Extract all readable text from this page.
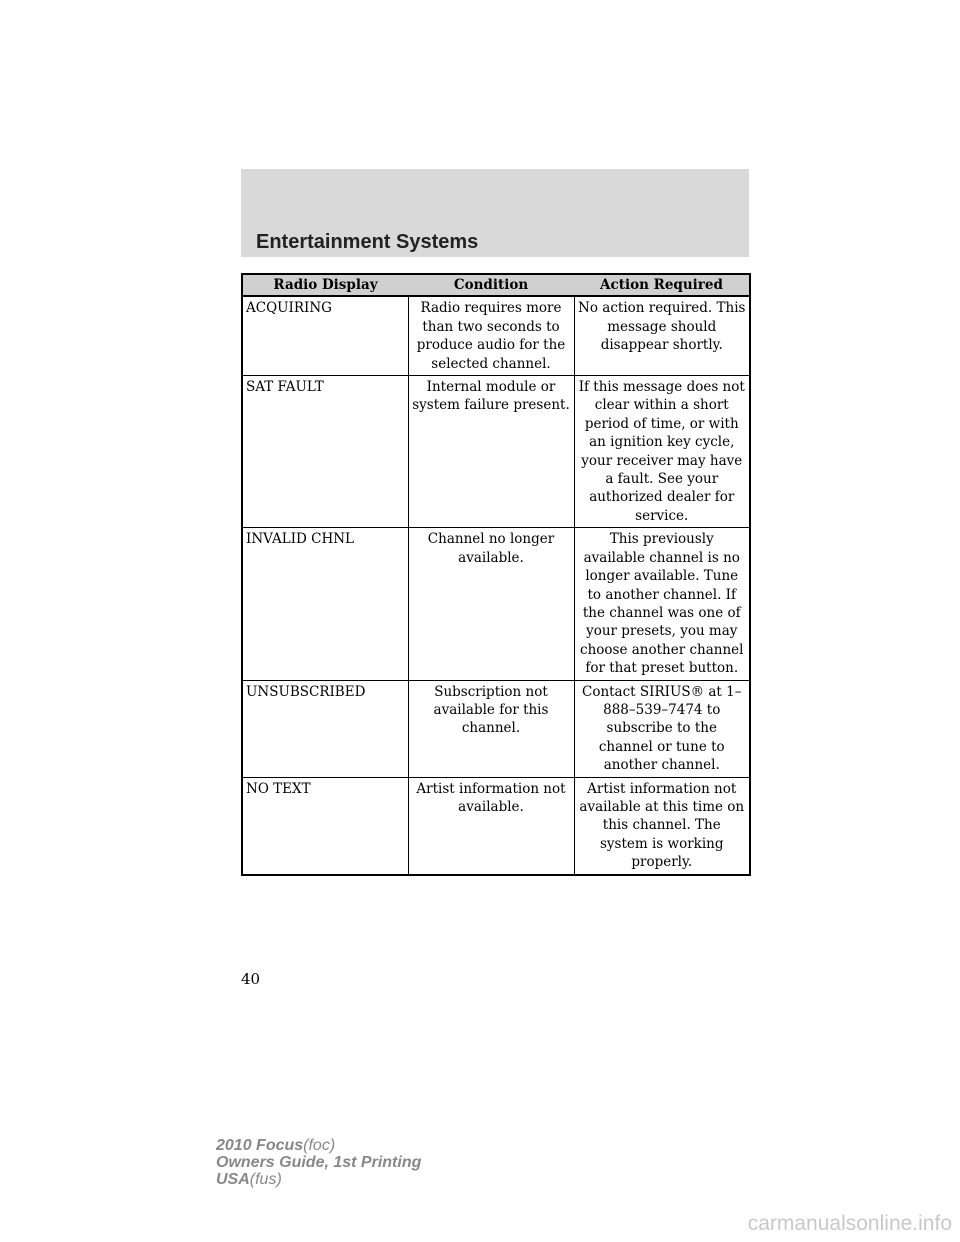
Entertainment Systems
Radio Display	Condition	Action Required
ACQUIRING	Radio requires more than two seconds to produce audio for the selected channel.	No action required. This message should disappear shortly.
SAT FAULT	Internal module or system failure present.	If this message does not clear within a short period of time, or with an ignition key cycle, your receiver may have a fault. See your authorized dealer for service.
INVALID CHNL	Channel no longer available.	This previously available channel is no longer available. Tune to another channel. If the channel was one of your presets, you may choose another channel for that preset button.
UNSUBSCRIBED	Subscription not available for this channel.	Contact SIRIUS® at 1–888–539–7474 to subscribe to the channel or tune to another channel.
NO TEXT	Artist information not available.	Artist information not available at this time on this channel. The system is working properly.
40
2010 Focus(foc)
Owners Guide, 1st Printing
USA(fus)
carmanualsonline.info
